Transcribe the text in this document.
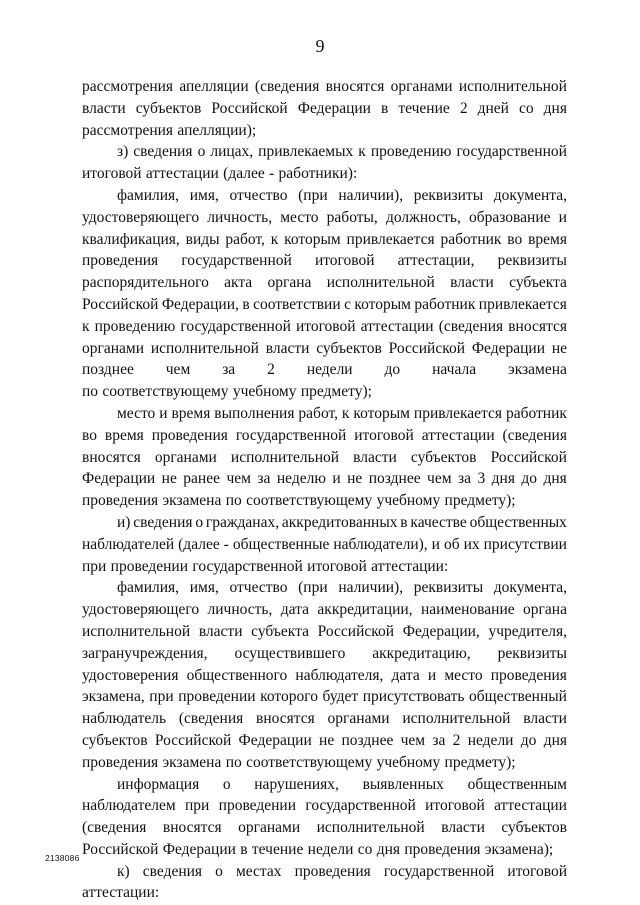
9
рассмотрения апелляции (сведения вносятся органами исполнительной
власти субъектов Российской Федерации в течение 2 дней со дня
рассмотрения апелляции);
з) сведения о лицах, привлекаемых к проведению государственной
итоговой аттестации (далее - работники):
фамилия, имя, отчество (при наличии), реквизиты документа,
удостоверяющего личность, место работы, должность, образование и
квалификация, виды работ, к которым привлекается работник во время
проведения государственной итоговой аттестации, реквизиты
распорядительного акта органа исполнительной власти субъекта
Российской Федерации, в соответствии с которым работник привлекается
к проведению государственной итоговой аттестации (сведения вносятся
органами исполнительной власти субъектов Российской Федерации не
позднее чем за 2 недели до начала экзамена
по соответствующему учебному предмету);
место и время выполнения работ, к которым привлекается работник
во время проведения государственной итоговой аттестации (сведения
вносятся органами исполнительной власти субъектов Российской
Федерации не ранее чем за неделю и не позднее чем за 3 дня до дня
проведения экзамена по соответствующему учебному предмету);
и) сведения о гражданах, аккредитованных в качестве общественных
наблюдателей (далее - общественные наблюдатели), и об их присутствии
при проведении государственной итоговой аттестации:
фамилия, имя, отчество (при наличии), реквизиты документа,
удостоверяющего личность, дата аккредитации, наименование органа
исполнительной власти субъекта Российской Федерации, учредителя,
загранучреждения, осуществившего аккредитацию, реквизиты
удостоверения общественного наблюдателя, дата и место проведения
экзамена, при проведении которого будет присутствовать общественный
наблюдатель (сведения вносятся органами исполнительной власти
субъектов Российской Федерации не позднее чем за 2 недели до дня
проведения экзамена по соответствующему учебному предмету);
информация о нарушениях, выявленных общественным
наблюдателем при проведении государственной итоговой аттестации
(сведения вносятся органами исполнительной власти субъектов
Российской Федерации в течение недели со дня проведения экзамена);
к) сведения о местах проведения государственной итоговой
аттестации:
2138086
